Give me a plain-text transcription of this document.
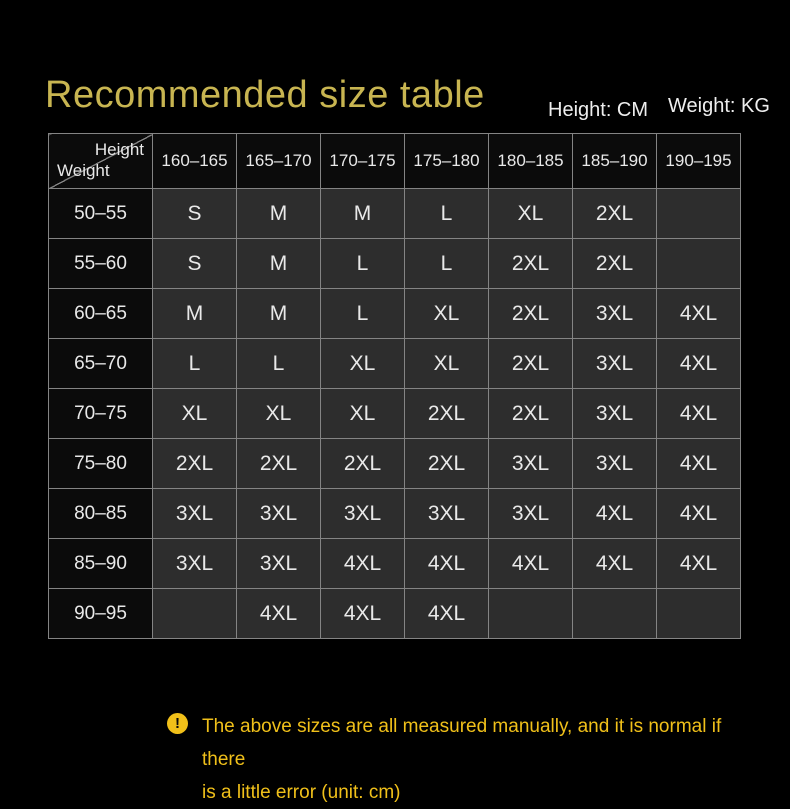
Recommended size table	Height: CM Weight: KG
Height
Weight	160–165	165–170	170–175	175–180	180–185	185–190	190–195
50–55	S	M	M	L	XL	2XL	
55–60	S	M	L	L	2XL	2XL	
60–65	M	M	L	XL	2XL	3XL	4XL
65–70	L	L	XL	XL	2XL	3XL	4XL
70–75	XL	XL	XL	2XL	2XL	3XL	4XL
75–80	2XL	2XL	2XL	2XL	3XL	3XL	4XL
80–85	3XL	3XL	3XL	3XL	3XL	4XL	4XL
85–90	3XL	3XL	4XL	4XL	4XL	4XL	4XL
90–95		4XL	4XL	4XL			
!	The above sizes are all measured manually, and it is normal if there
is a little error (unit: cm)
